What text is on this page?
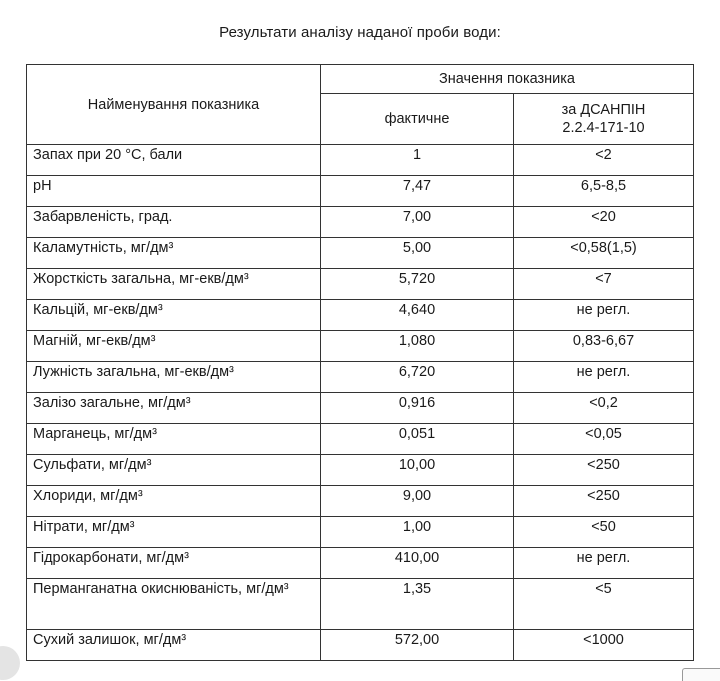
Результати аналізу наданої проби води:
Найменування показника	Значення показника	
	фактичне	за ДСАНПІН 2.2.4-171-10
Запах при 20 °С, бали	1	<2
pH	7,47	6,5-8,5
Забарвленість, град.	7,00	<20
Каламутність, мг/дм³	5,00	<0,58(1,5)
Жорсткість загальна, мг-екв/дм³	5,720	<7
Кальцій, мг-екв/дм³	4,640	не регл.
Магній, мг-екв/дм³	1,080	0,83-6,67
Лужність загальна, мг-екв/дм³	6,720	не регл.
Залізо загальне, мг/дм³	0,916	<0,2
Марганець, мг/дм³	0,051	<0,05
Сульфати, мг/дм³	10,00	<250
Хлориди, мг/дм³	9,00	<250
Нітрати, мг/дм³	1,00	<50
Гідрокарбонати, мг/дм³	410,00	не регл.
Перманганатна окиснюваність, мг/дм³	1,35	<5
Сухий залишок, мг/дм³	572,00	<1000
